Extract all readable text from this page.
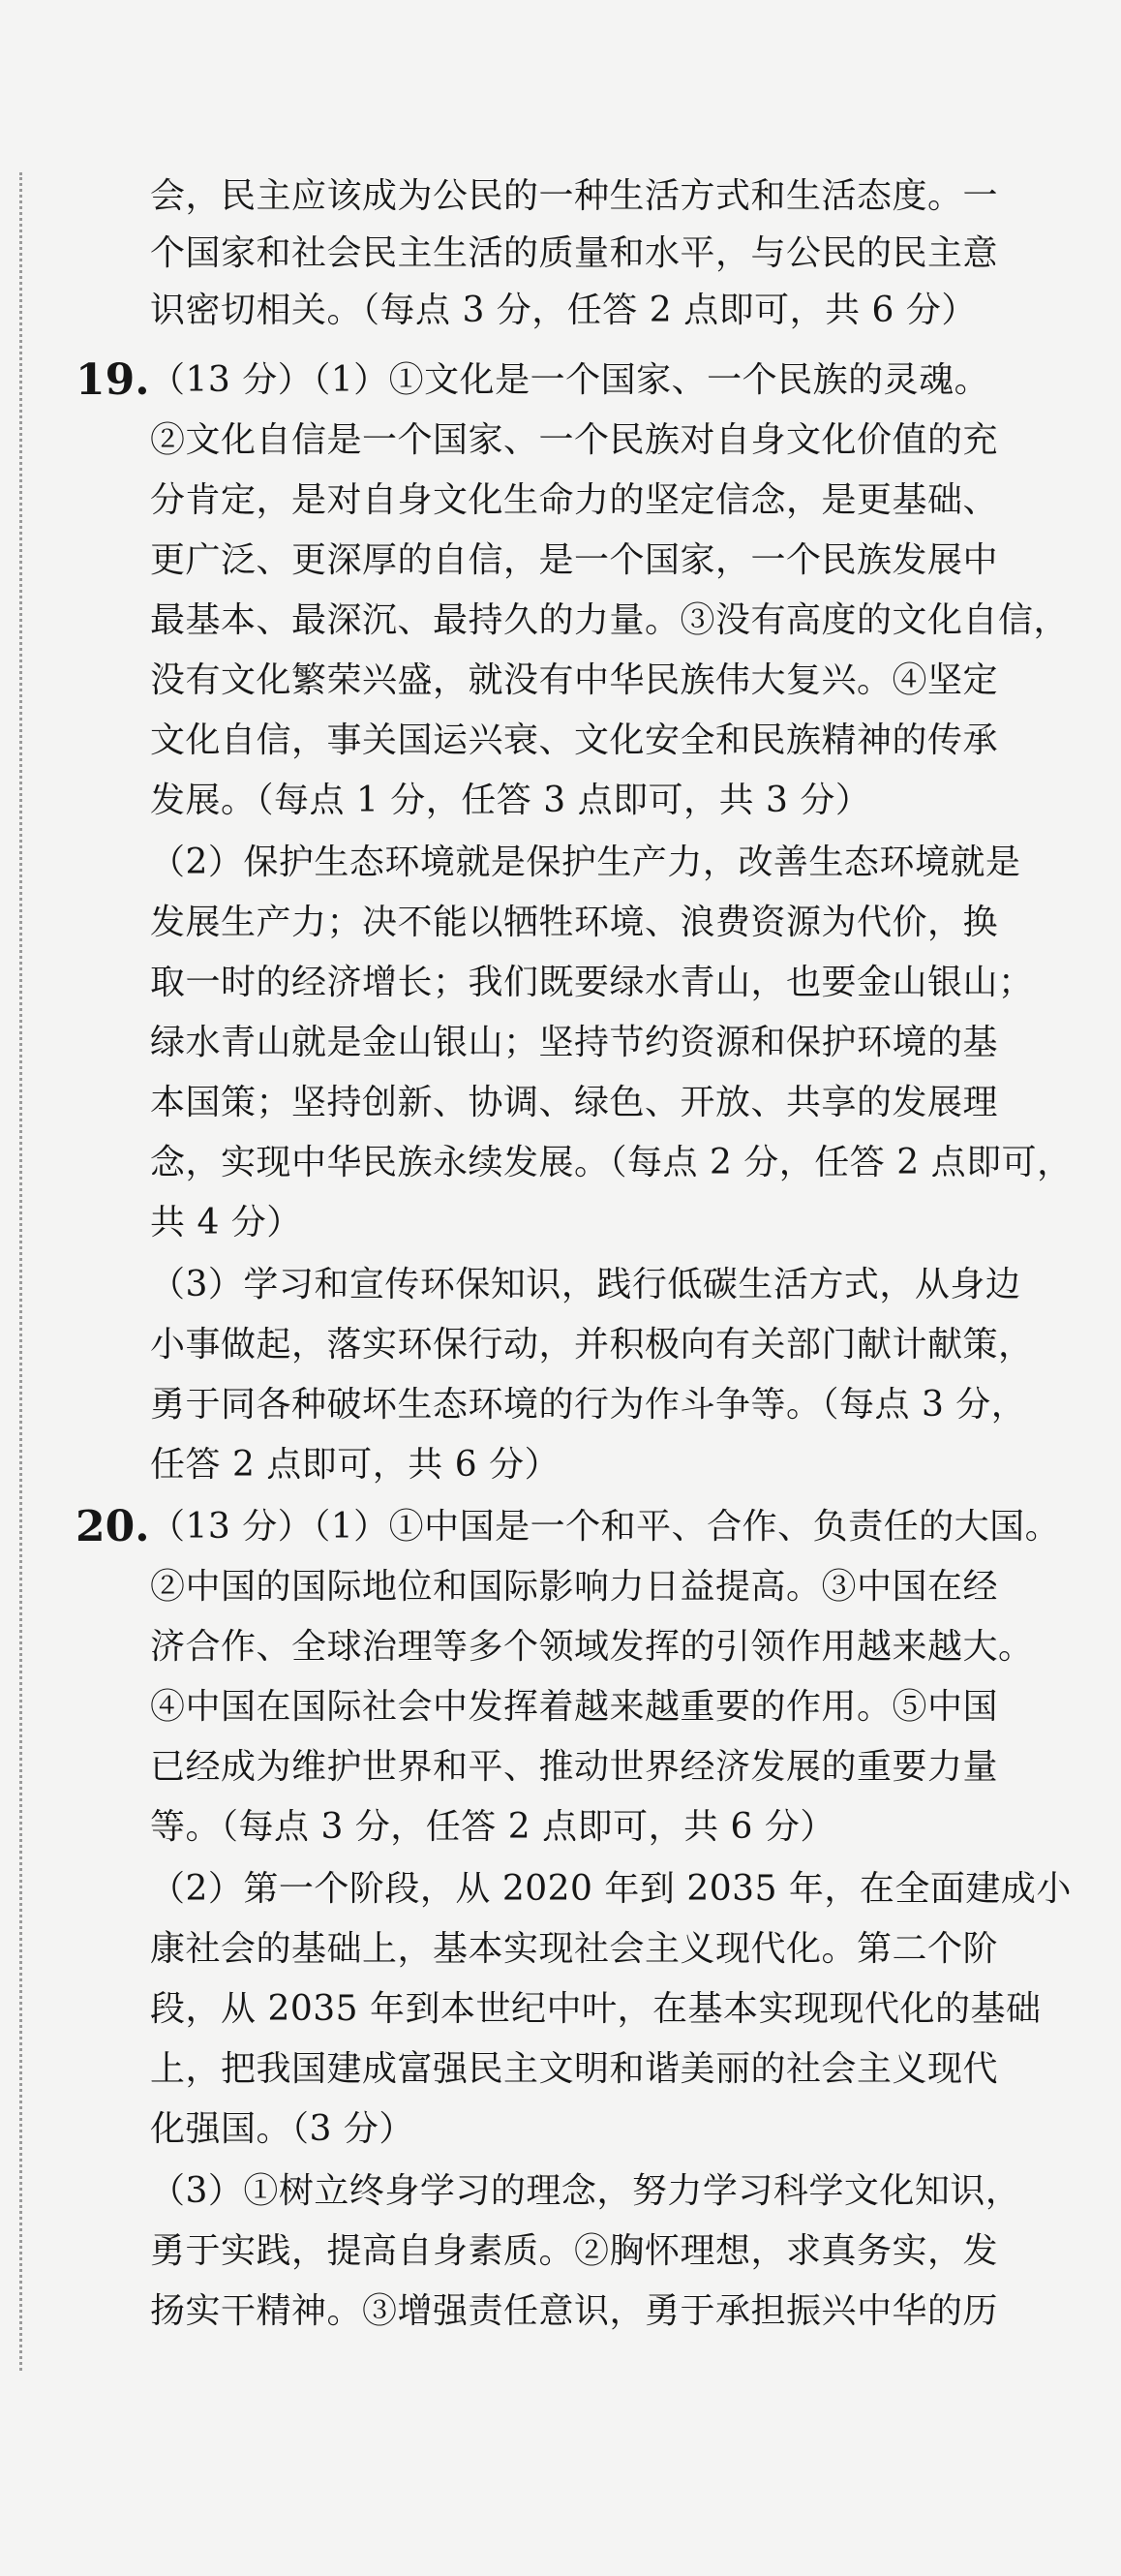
会，民主应该成为公民的一种生活方式和生活态度。一
个国家和社会民主生活的质量和水平，与公民的民主意
识密切相关。（每点 3 分，任答 2 点即可，共 6 分）
19. （13 分）（1）①文化是一个国家、一个民族的灵魂。
②文化自信是一个国家、一个民族对自身文化价值的充
分肯定，是对自身文化生命力的坚定信念，是更基础、
更广泛、更深厚的自信，是一个国家，一个民族发展中
最基本、最深沉、最持久的力量。③没有高度的文化自信，
没有文化繁荣兴盛，就没有中华民族伟大复兴。④坚定
文化自信，事关国运兴衰、文化安全和民族精神的传承
发展。（每点 1 分，任答 3 点即可，共 3 分）
（2）保护生态环境就是保护生产力，改善生态环境就是
发展生产力；决不能以牺牲环境、浪费资源为代价，换
取一时的经济增长；我们既要绿水青山，也要金山银山；
绿水青山就是金山银山；坚持节约资源和保护环境的基
本国策；坚持创新、协调、绿色、开放、共享的发展理
念，实现中华民族永续发展。（每点 2 分，任答 2 点即可，
共 4 分）
（3）学习和宣传环保知识，践行低碳生活方式，从身边
小事做起，落实环保行动，并积极向有关部门献计献策，
勇于同各种破坏生态环境的行为作斗争等。（每点 3 分，
任答 2 点即可，共 6 分）
20. （13 分）（1）①中国是一个和平、合作、负责任的大国。
②中国的国际地位和国际影响力日益提高。③中国在经
济合作、全球治理等多个领域发挥的引领作用越来越大。
④中国在国际社会中发挥着越来越重要的作用。⑤中国
已经成为维护世界和平、推动世界经济发展的重要力量
等。（每点 3 分，任答 2 点即可，共 6 分）
（2）第一个阶段，从 2020 年到 2035 年，在全面建成小
康社会的基础上，基本实现社会主义现代化。第二个阶
段，从 2035 年到本世纪中叶，在基本实现现代化的基础
上，把我国建成富强民主文明和谐美丽的社会主义现代
化强国。（3 分）
（3）①树立终身学习的理念，努力学习科学文化知识，
勇于实践，提高自身素质。②胸怀理想，求真务实，发
扬实干精神。③增强责任意识，勇于承担振兴中华的历
